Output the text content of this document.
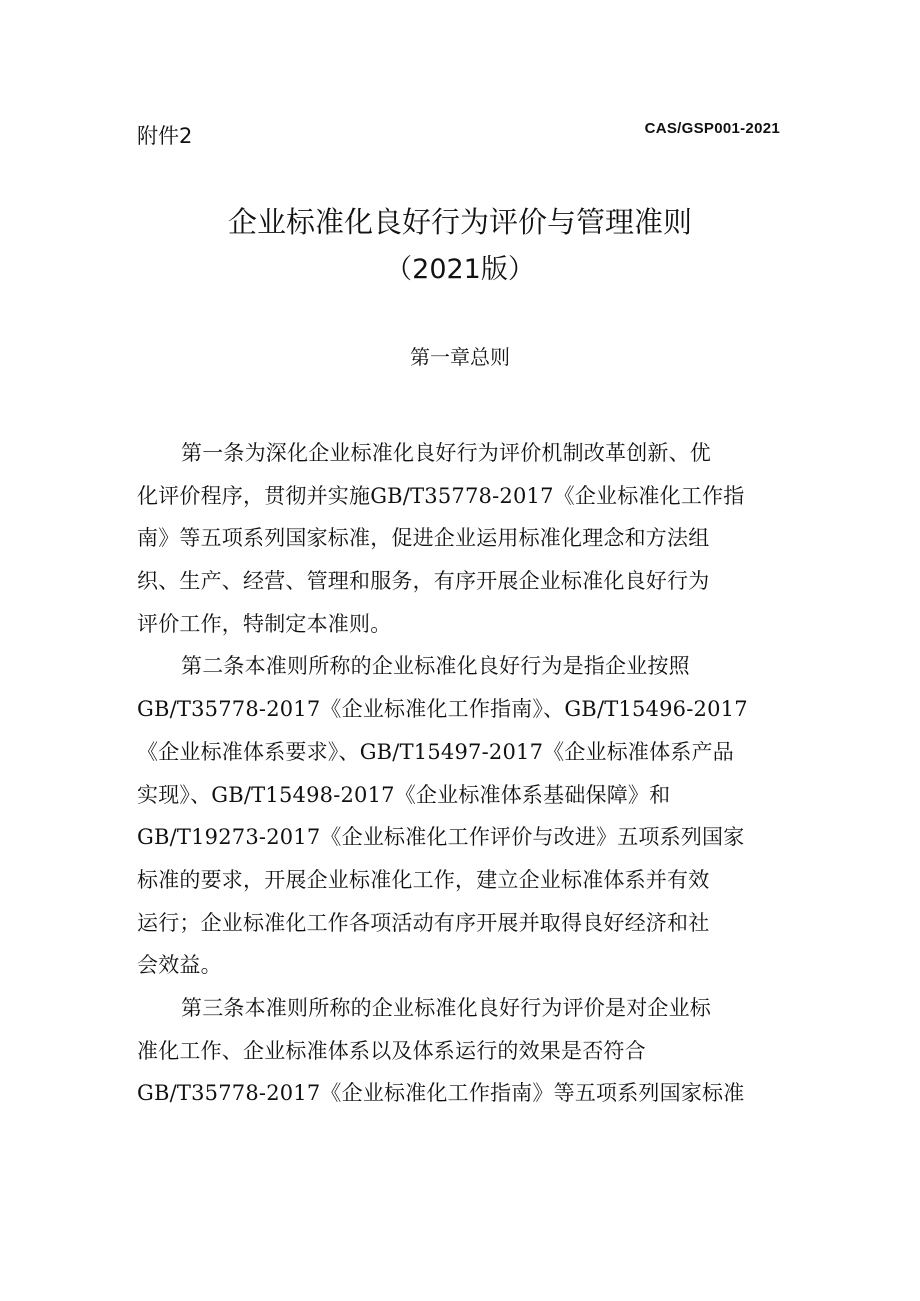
附件2	CAS/GSP001-2021
企业标准化良好行为评价与管理准则
（2021版）
第一章总则
第一条为深化企业标准化良好行为评价机制改革创新、优
化评价程序，贯彻并实施GB/T35778-2017《企业标准化工作指
南》等五项系列国家标准，促进企业运用标准化理念和方法组
织、生产、经营、管理和服务，有序开展企业标准化良好行为
评价工作，特制定本准则。
第二条本准则所称的企业标准化良好行为是指企业按照
GB/T35778-2017《企业标准化工作指南》、GB/T15496-2017
《企业标准体系要求》、GB/T15497-2017《企业标准体系产品
实现》、GB/T15498-2017《企业标准体系基础保障》和
GB/T19273-2017《企业标准化工作评价与改进》五项系列国家
标准的要求，开展企业标准化工作，建立企业标准体系并有效
运行；企业标准化工作各项活动有序开展并取得良好经济和社
会效益。
第三条本准则所称的企业标准化良好行为评价是对企业标
准化工作、企业标准体系以及体系运行的效果是否符合
GB/T35778-2017《企业标准化工作指南》等五项系列国家标准
